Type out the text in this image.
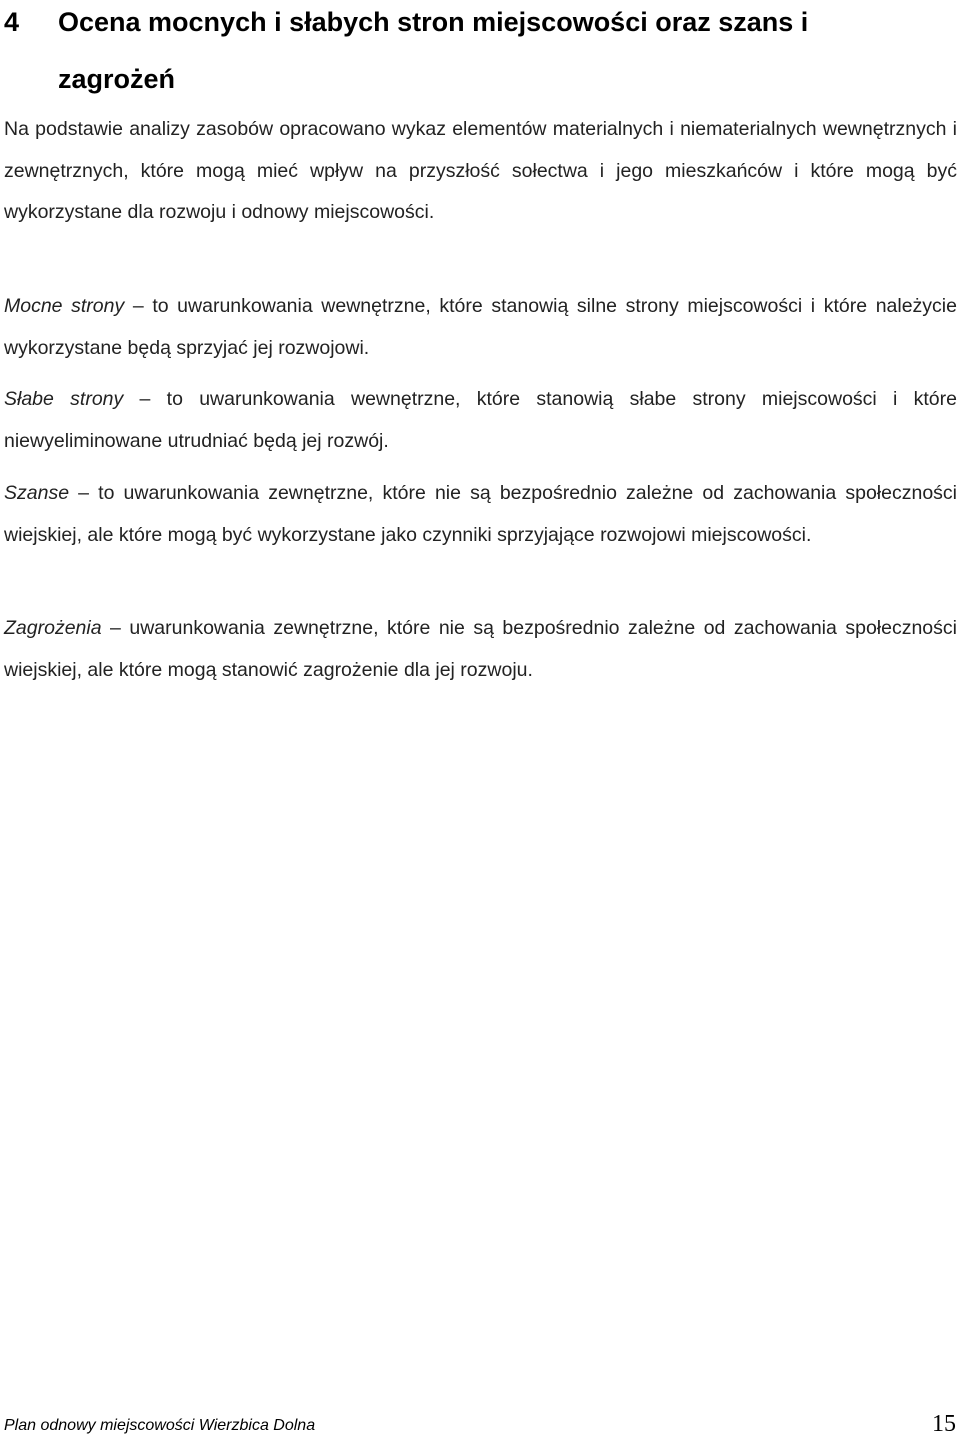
4 Ocena mocnych i słabych stron miejscowości oraz szans i
zagrożeń

Na podstawie analizy zasobów opracowano wykaz elementów materialnych i niematerialnych wewnętrznych i zewnętrznych, które mogą mieć wpływ na przyszłość sołectwa i jego mieszkańców i które mogą być wykorzystane dla rozwoju i odnowy miejscowości.

Mocne strony – to uwarunkowania wewnętrzne, które stanowią silne strony miejscowości i które należycie wykorzystane będą sprzyjać jej rozwojowi.

Słabe strony – to uwarunkowania wewnętrzne, które stanowią słabe strony miejscowości i które niewyeliminowane utrudniać będą jej rozwój.

Szanse – to uwarunkowania zewnętrzne, które nie są bezpośrednio zależne od zachowania społeczności wiejskiej, ale które mogą być wykorzystane jako czynniki sprzyjające rozwojowi miejscowości.

Zagrożenia – uwarunkowania zewnętrzne, które nie są bezpośrednio zależne od zachowania społeczności wiejskiej, ale które mogą stanowić zagrożenie dla jej rozwoju.

Plan odnowy miejscowości Wierzbica Dolna	15
